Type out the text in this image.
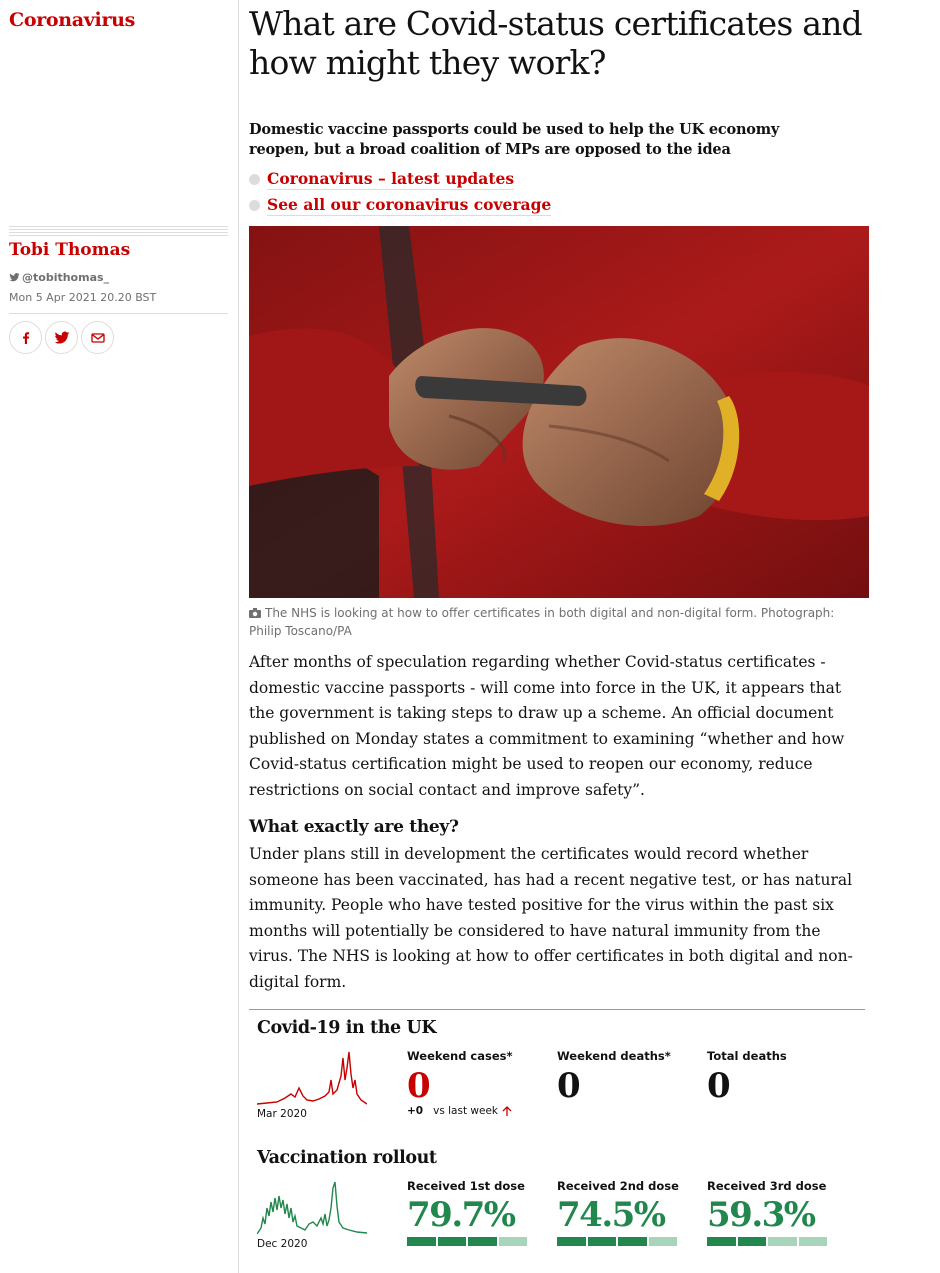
Coronavirus
Tobi Thomas
@tobithomas_
Mon 5 Apr 2021 20.20 BST
What are Covid-status certificates and how might they work?

Domestic vaccine passports could be used to help the UK economy reopen, but a broad coalition of MPs are opposed to the idea

Coronavirus – latest updates
See all our coronavirus coverage
The NHS is looking at how to offer certificates in both digital and non-digital form. Photograph: Philip Toscano/PA

After months of speculation regarding whether Covid-status certificates - domestic vaccine passports - will come into force in the UK, it appears that the government is taking steps to draw up a scheme. An official document published on Monday states a commitment to examining “whether and how Covid-status certification might be used to reopen our economy, reduce restrictions on social contact and improve safety”.

What exactly are they?

Under plans still in development the certificates would record whether someone has been vaccinated, has had a recent negative test, or has natural immunity. People who have tested positive for the virus within the past six months will potentially be considered to have natural immunity from the virus. The NHS is looking at how to offer certificates in both digital and non-digital form.

Covid-19 in the UK
Mar 2020
Weekend cases*
0
+0 vs last week
Weekend deaths*
0
Total deaths
0
Vaccination rollout
Dec 2020
Received 1st dose
79.7%
Received 2nd dose
74.5%
Received 3rd dose
59.3%
